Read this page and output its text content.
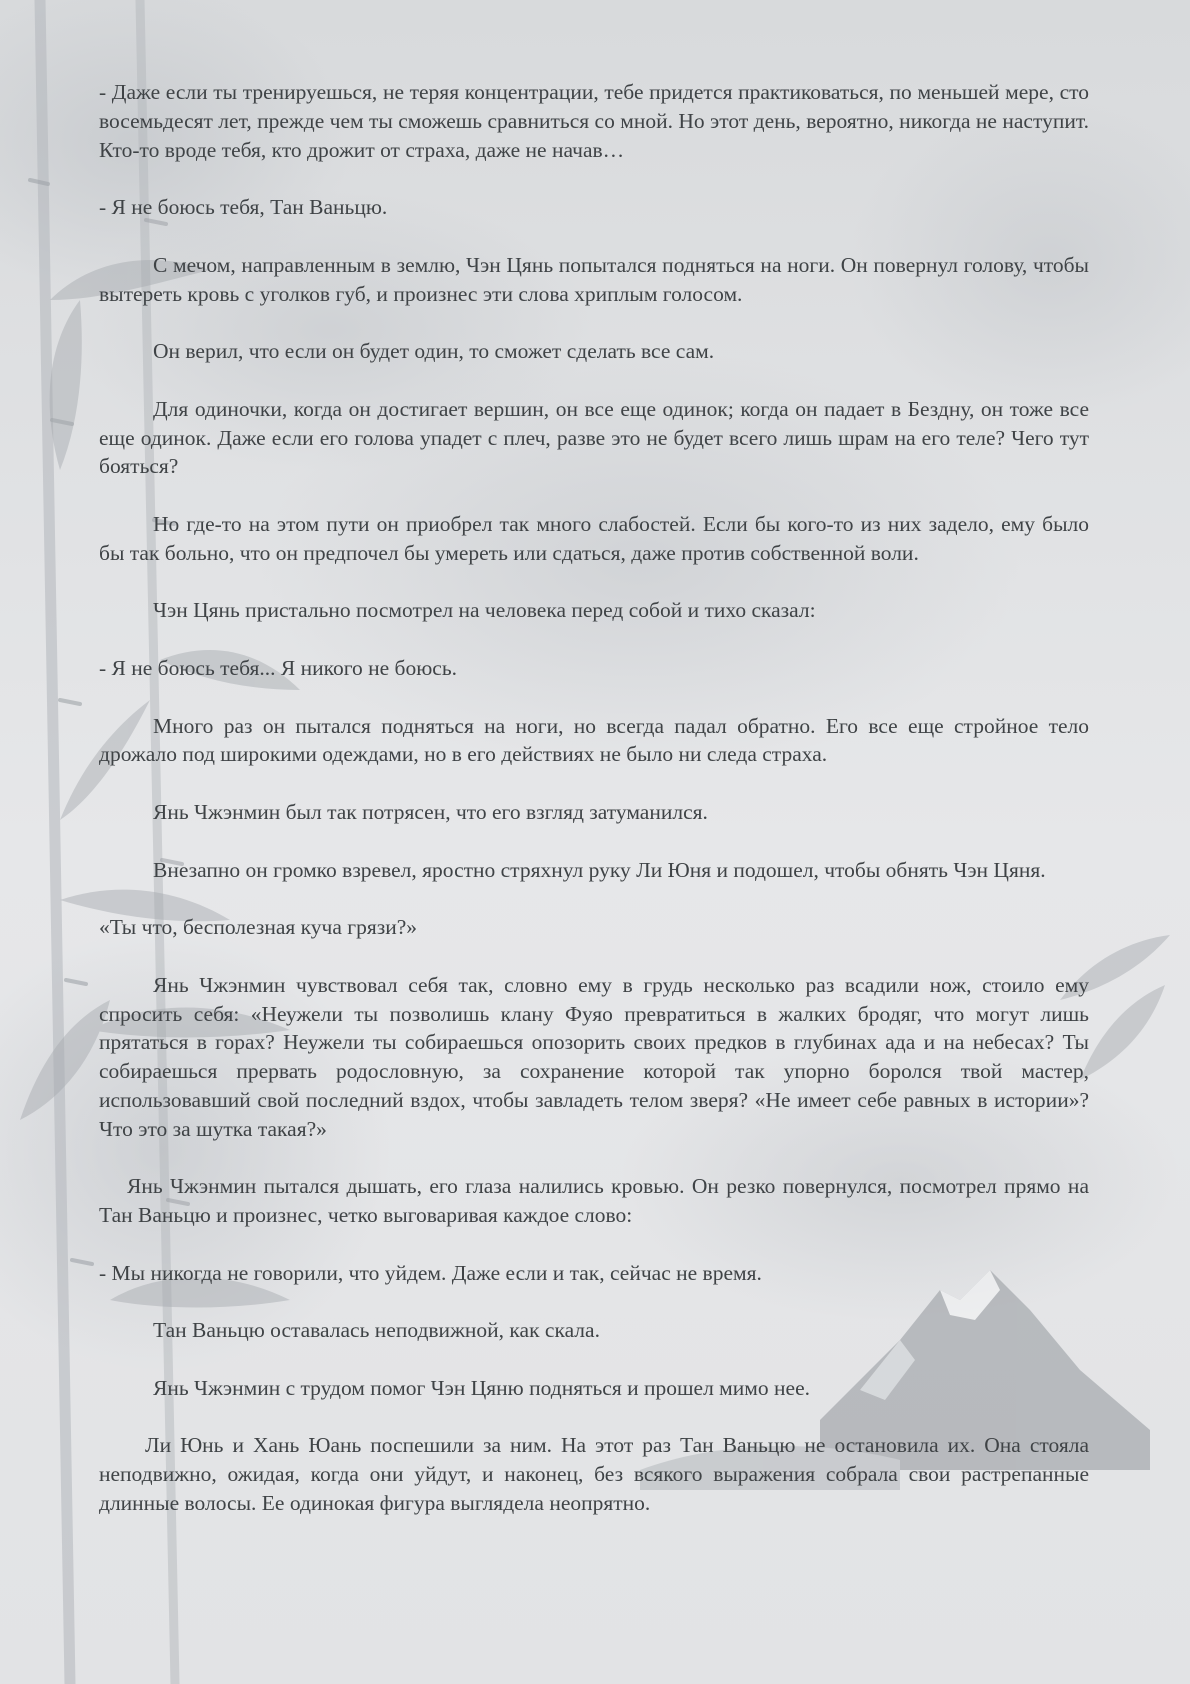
- Даже если ты тренируешься, не теряя концентрации, тебе придется практиковаться, по меньшей мере, сто восемьдесят лет, прежде чем ты сможешь сравниться со мной. Но этот день, вероятно, никогда не наступит. Кто-то вроде тебя, кто дрожит от страха, даже не начав…

- Я не боюсь тебя, Тан Ваньцю.

С мечом, направленным в землю, Чэн Цянь попытался подняться на ноги. Он повернул голову, чтобы вытереть кровь с уголков губ, и произнес эти слова хриплым голосом.

Он верил, что если он будет один, то сможет сделать все сам.

Для одиночки, когда он достигает вершин, он все еще одинок; когда он падает в Бездну, он тоже все еще одинок. Даже если его голова упадет с плеч, разве это не будет всего лишь шрам на его теле? Чего тут бояться?

Но где-то на этом пути он приобрел так много слабостей. Если бы кого-то из них задело, ему было бы так больно, что он предпочел бы умереть или сдаться, даже против собственной воли.

Чэн Цянь пристально посмотрел на человека перед собой и тихо сказал:

- Я не боюсь тебя... Я никого не боюсь.

Много раз он пытался подняться на ноги, но всегда падал обратно. Его все еще стройное тело дрожало под широкими одеждами, но в его действиях не было ни следа страха.

Янь Чжэнмин был так потрясен, что его взгляд затуманился.

Внезапно он громко взревел, яростно стряхнул руку Ли Юня и подошел, чтобы обнять Чэн Цяня.

«Ты что, бесполезная куча грязи?»

Янь Чжэнмин чувствовал себя так, словно ему в грудь несколько раз всадили нож, стоило ему спросить себя: «Неужели ты позволишь клану Фуяо превратиться в жалких бродяг, что могут лишь прятаться в горах? Неужели ты собираешься опозорить своих предков в глубинах ада и на небесах? Ты собираешься прервать родословную, за сохранение которой так упорно боролся твой мастер, использовавший свой последний вздох, чтобы завладеть телом зверя? «Не имеет себе равных в истории»? Что это за шутка такая?»

Янь Чжэнмин пытался дышать, его глаза налились кровью. Он резко повернулся, посмотрел прямо на Тан Ваньцю и произнес, четко выговаривая каждое слово:

- Мы никогда не говорили, что уйдем. Даже если и так, сейчас не время.

Тан Ваньцю оставалась неподвижной, как скала.

Янь Чжэнмин с трудом помог Чэн Цяню подняться и прошел мимо нее.

Ли Юнь и Хань Юань поспешили за ним. На этот раз Тан Ваньцю не остановила их. Она стояла неподвижно, ожидая, когда они уйдут, и наконец, без всякого выражения собрала свои растрепанные длинные волосы. Ее одинокая фигура выглядела неопрятно.
